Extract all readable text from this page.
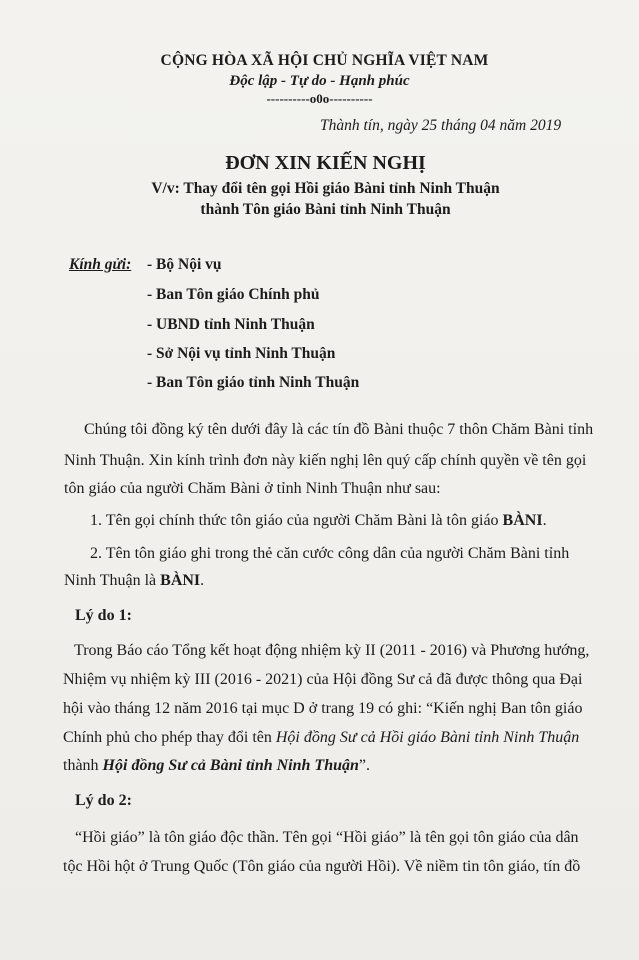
CỘNG HÒA XÃ HỘI CHỦ NGHĨA VIỆT NAM
Độc lập - Tự do - Hạnh phúc
----------o0o----------
Thành tín, ngày 25 tháng 04 năm 2019
ĐƠN XIN KIẾN NGHỊ
V/v: Thay đổi tên gọi Hồi giáo Bàni tỉnh Ninh Thuận
thành Tôn giáo Bàni tỉnh Ninh Thuận
Kính gửi: - Bộ Nội vụ
- Ban Tôn giáo Chính phủ
- UBND tỉnh Ninh Thuận
- Sở Nội vụ tỉnh Ninh Thuận
- Ban Tôn giáo tỉnh Ninh Thuận
Chúng tôi đồng ký tên dưới đây là các tín đồ Bàni thuộc 7 thôn Chăm Bàni tỉnh
Ninh Thuận. Xin kính trình đơn này kiến nghị lên quý cấp chính quyền về tên gọi
tôn giáo của người Chăm Bàni ở tỉnh Ninh Thuận như sau:
1. Tên gọi chính thức tôn giáo của người Chăm Bàni là tôn giáo BÀNI.
2. Tên tôn giáo ghi trong thẻ căn cước công dân của người Chăm Bàni tỉnh
Ninh Thuận là BÀNI.
Lý do 1:
Trong Báo cáo Tổng kết hoạt động nhiệm kỳ II (2011 - 2016) và Phương hướng,
Nhiệm vụ nhiệm kỳ III (2016 - 2021) của Hội đồng Sư cả đã được thông qua Đại
hội vào tháng 12 năm 2016 tại mục D ở trang 19 có ghi: “Kiến nghị Ban tôn giáo
Chính phủ cho phép thay đổi tên Hội đồng Sư cả Hồi giáo Bàni tỉnh Ninh Thuận
thành Hội đồng Sư cả Bàni tỉnh Ninh Thuận”.
Lý do 2:
“Hồi giáo” là tôn giáo độc thần. Tên gọi “Hồi giáo” là tên gọi tôn giáo của dân
tộc Hồi hột ở Trung Quốc (Tôn giáo của người Hồi). Về niềm tin tôn giáo, tín đồ
